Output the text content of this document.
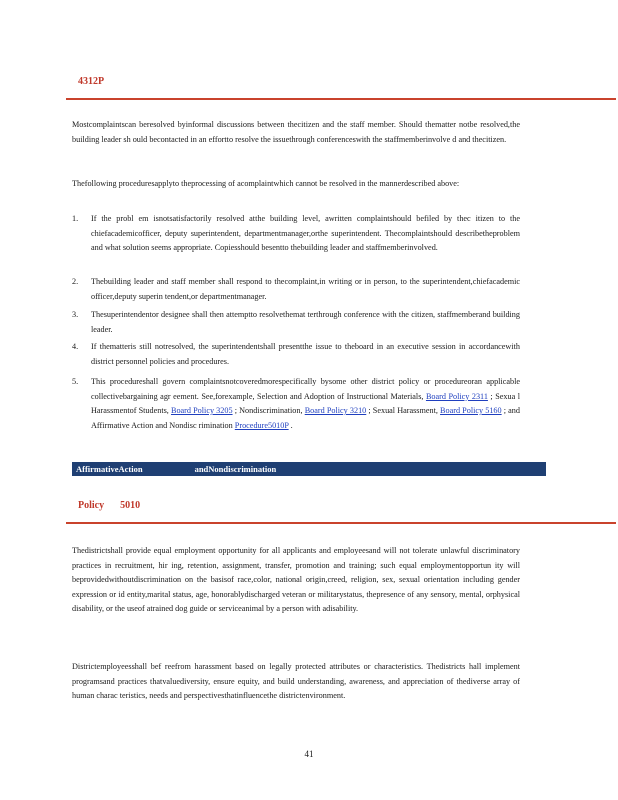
4312P

Mostcomplaintscan beresolved byinformal discussions between thecitizen and the staff member. Should thematter notbe resolved,the building leader sh ould becontacted in an effortto resolve the issuethrough conferenceswith the staffmemberinvolve d and thecitizen.

Thefollowing proceduresapplyto theprocessing of acomplaintwhich cannot be resolved in the mannerdescribed above:

1. If the probl em isnotsatisfactorily resolved atthe building level, awritten complaintshould befiled by thec itizen to the chiefacademicofficer, deputy superintendent, departmentmanager,orthe superintendent. Thecomplaintshould describetheproblem and what solution seems appropriate. Copiesshould besentto thebuilding leader and staffmemberinvolved.
2. Thebuilding leader and staff member shall respond to thecomplaint,in writing or in person, to the superintendent,chiefacademic officer,deputy superin tendent,or departmentmanager.
3. Thesuperintendentor designee shall then attemptto resolvethemat terthrough conference with the citizen, staffmemberand building leader.
4. If thematteris still notresolved, the superintendentshall presentthe issue to theboard in an executive session in accordancewith district personnel policies and procedures.
5. This procedureshall govern complaintsnotcoveredmorespecifically bysome other district policy or procedureoran applicable collectivebargaining agr eement. See,forexample, Selection and Adoption of Instructional Materials, Board Policy 2311 ; Sexua l Harassmentof Students, Board Policy 3205 ; Nondiscrimination, Board Policy 3210 ; Sexual Harassment, Board Policy 5160 ; and Affirmative Action and Nondisc rimination Procedure5010P .
AffirmativeAction	andNondiscrimination
Policy 5010

Thedistrictshall provide equal employment opportunity for all applicants and employeesand will not tolerate unlawful discriminatory practices in recruitment, hir ing, retention, assignment, transfer, promotion and training; such equal employmentopportun ity will beprovidedwithoutdiscrimination on the basisof race,color, national origin,creed, religion, sex, sexual orientation including gender expression or id entity,marital status, age, honorablydischarged veteran or militarystatus, thepresence of any sensory, mental, orphysical disability, or the useof atrained dog guide or serviceanimal by a person with adisability.

Districtemployeesshall bef reefrom harassment based on legally protected attributes or characteristics. Thedistricts hall implement programsand practices thatvaluediversity, ensure equity, and build understanding, awareness, and appreciation of thediverse array of human charac teristics, needs and perspectivesthatinfluencethe districtenvironment.

41
